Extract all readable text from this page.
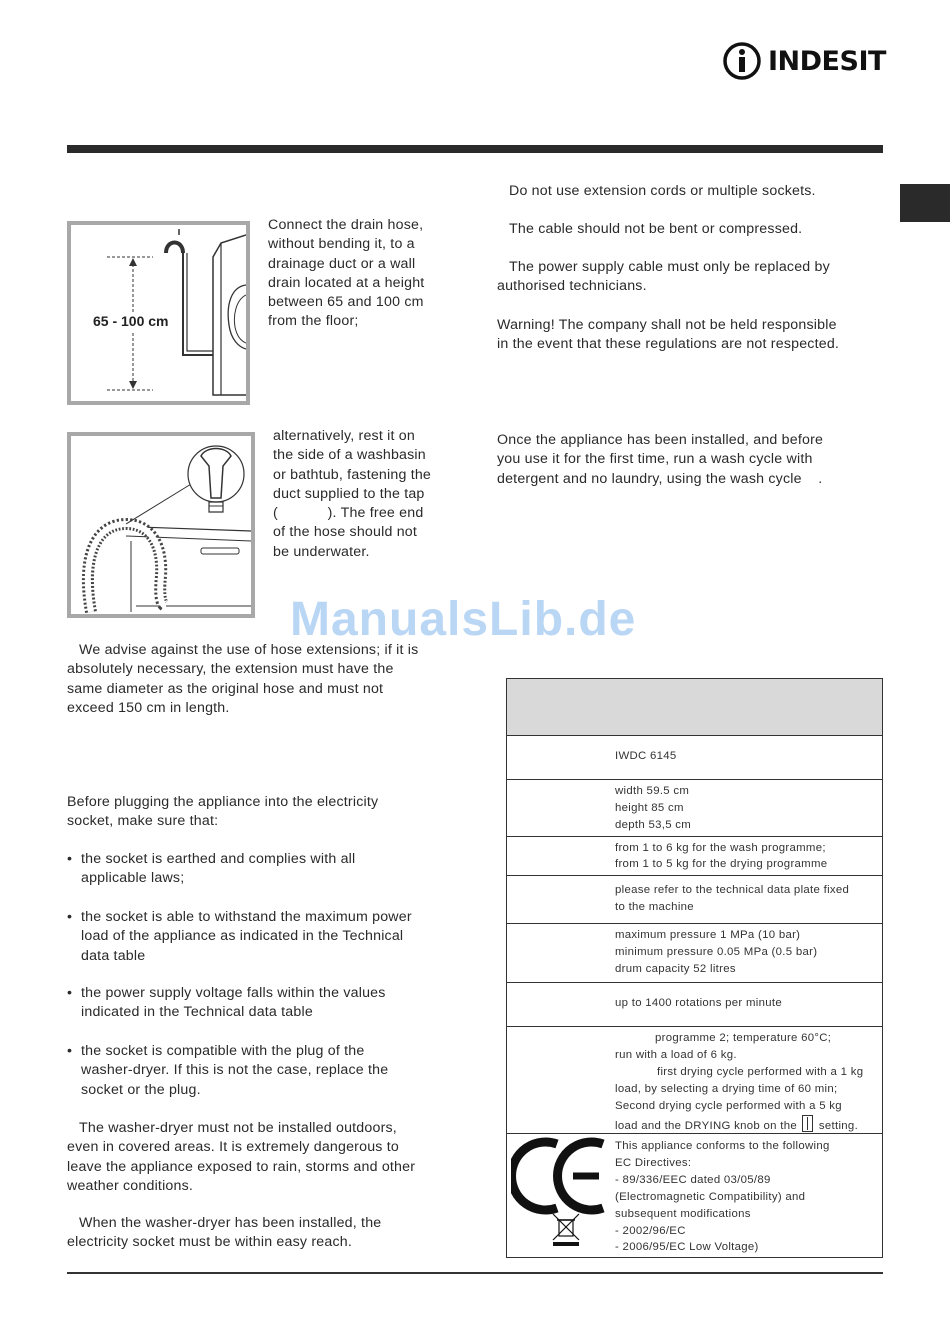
INDESIT
65 - 100 cm
Connect the drain hose,
without bending it, to a
drainage duct or a wall
drain located at a height
between 65 and 100 cm
from the floor;
alternatively, rest it on
the side of a washbasin
or bathtub, fastening the
duct supplied to the tap
(            ). The free end
of the hose should not
be underwater.
ManualsLib.de
We advise against the use of hose extensions; if it is
absolutely necessary, the extension must have the
same diameter as the original hose and must not
exceed 150 cm in length.
Before plugging the appliance into the electricity
socket, make sure that:
• the socket is earthed and complies with all
applicable laws;
• the socket is able to withstand the maximum power
load of the appliance as indicated in the Technical
data table
• the power supply voltage falls within the values
indicated in the Technical data table
• the socket is compatible with the plug of the
washer-dryer. If this is not the case, replace the
socket or the plug.
The washer-dryer must not be installed outdoors,
even in covered areas. It is extremely dangerous to
leave the appliance exposed to rain, storms and other
weather conditions.
When the washer-dryer has been installed, the
electricity socket must be within easy reach.
Do not use extension cords or multiple sockets.
The cable should not be bent or compressed.
The power supply cable must only be replaced by
authorised technicians.
Warning! The company shall not be held responsible
in the event that these regulations are not respected.
Once the appliance has been installed, and before
you use it for the first time, run a wash cycle with
detergent and no laundry, using the wash cycle    .
IWDC 6145
width 59.5 cm
height 85 cm
depth 53,5 cm
from 1 to 6 kg for the wash programme;
from 1 to 5 kg for the drying programme
please refer to the technical data plate fixed
to the machine
maximum pressure 1 MPa (10 bar)
minimum pressure 0.05 MPa (0.5 bar)
drum capacity 52 litres
up to 1400 rotations per minute
programme 2; temperature 60°C;
run with a load of 6 kg.
first drying cycle performed with a 1 kg
load, by selecting a drying time of 60 min;
Second drying cycle performed with a 5 kg
load and the DRYING knob on the setting.
This appliance conforms to the following
EC Directives:
- 89/336/EEC dated 03/05/89
(Electromagnetic Compatibility) and
subsequent modifications
- 2002/96/EC
- 2006/95/EC Low Voltage)
